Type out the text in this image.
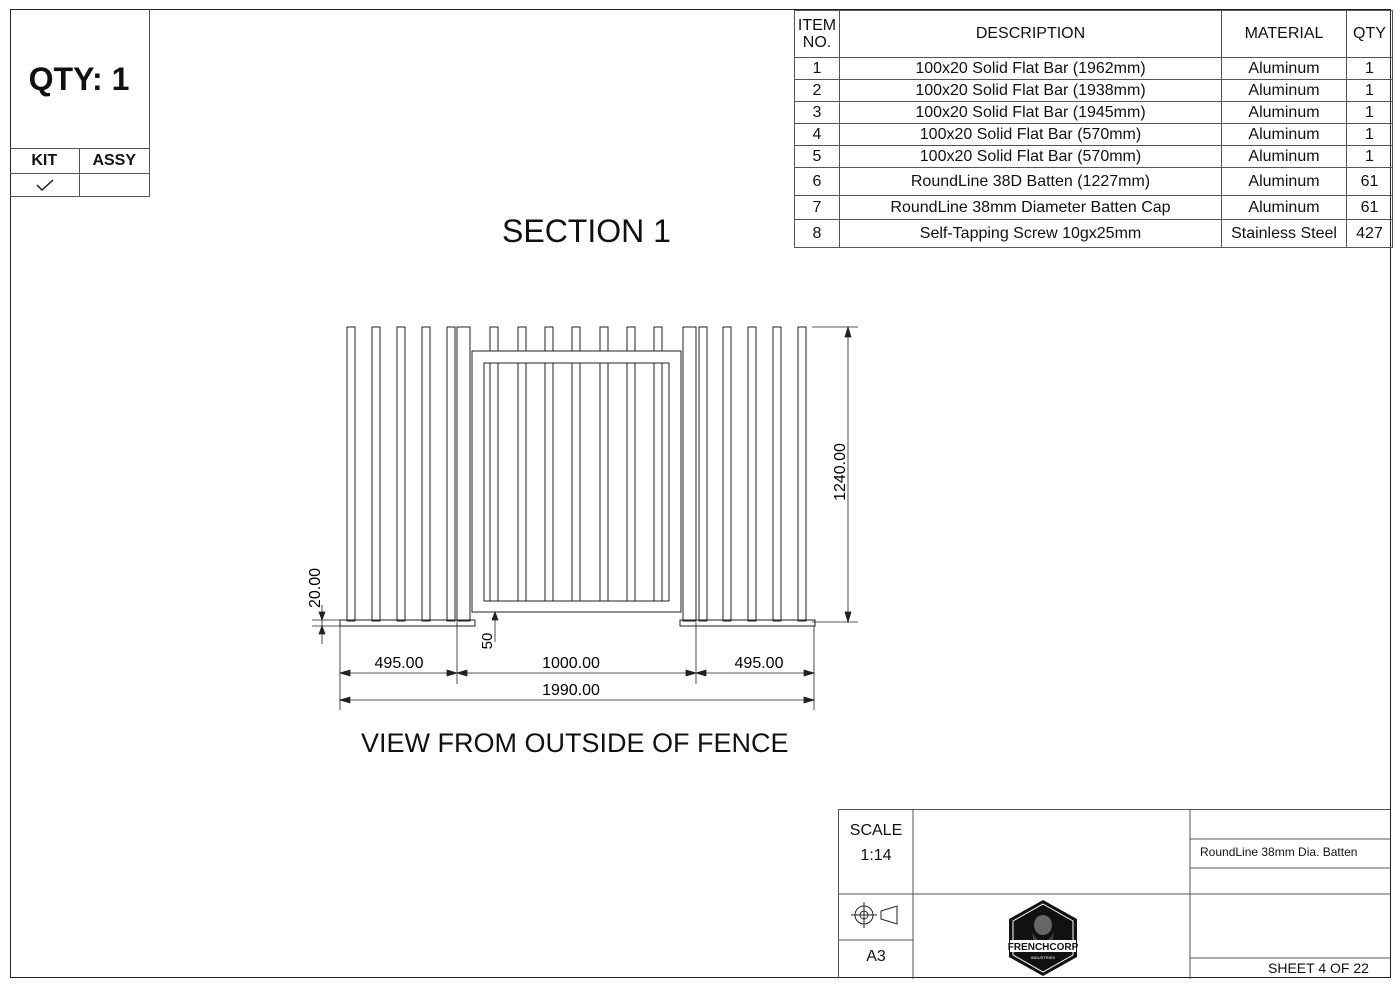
QTY: 1
KIT	ASSY
ITEM NO.	DESCRIPTION	MATERIAL	QTY
1	100x20 Solid Flat Bar (1962mm)	Aluminum	1
2	100x20 Solid Flat Bar (1938mm)	Aluminum	1
3	100x20 Solid Flat Bar (1945mm)	Aluminum	1
4	100x20 Solid Flat Bar (570mm)	Aluminum	1
5	100x20 Solid Flat Bar (570mm)	Aluminum	1
6	RoundLine 38D Batten (1227mm)	Aluminum	61
7	RoundLine 38mm Diameter Batten Cap	Aluminum	61
8	Self-Tapping Screw 10gx25mm	Stainless Steel	427
SECTION 1
VIEW FROM OUTSIDE OF FENCE
1240.00
20.00
50
495.00	1000.00	495.00
1990.00
SCALE
1:14
A3
RoundLine 38mm Dia. Batten
SHEET 4 OF 22
FRENCHCORP
INDUSTRIES
